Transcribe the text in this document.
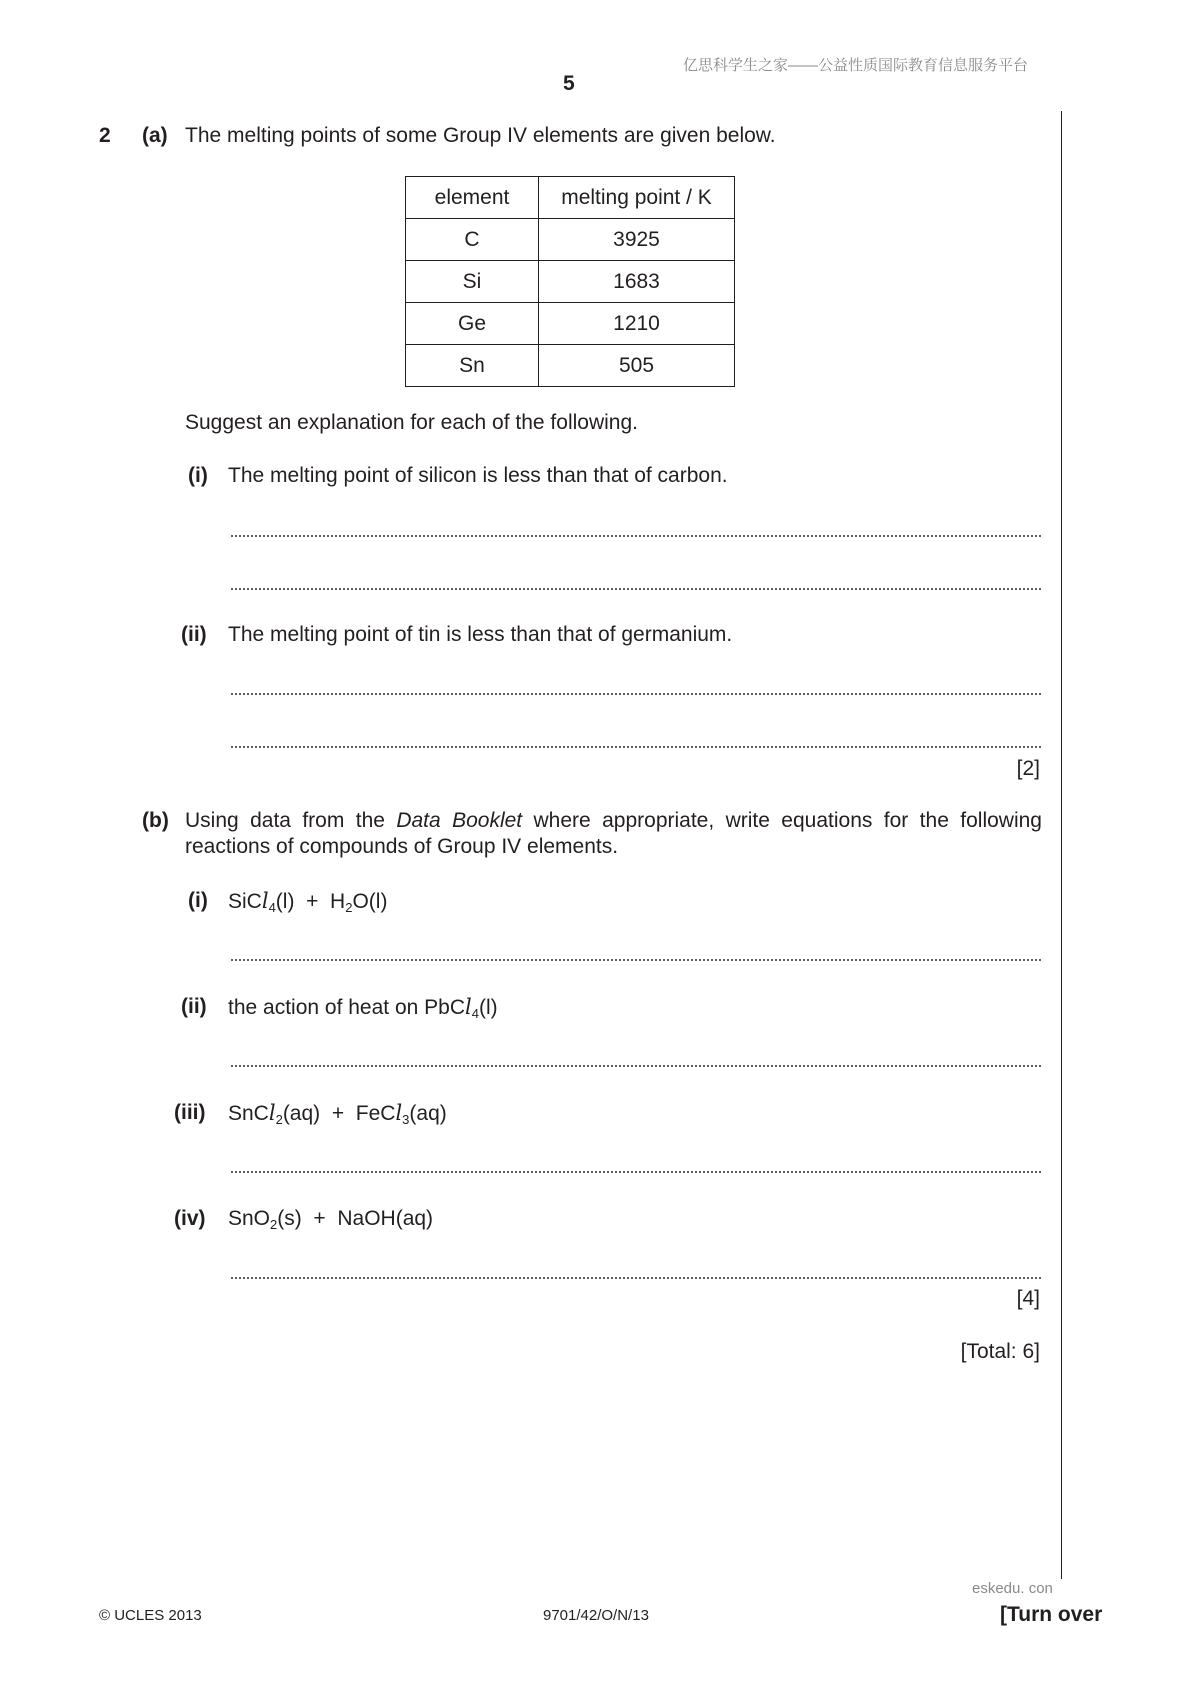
亿思科学生之家——公益性质国际教育信息服务平台
5
2 (a) The melting points of some Group IV elements are given below.
element	melting point / K
C	3925
Si	1683
Ge	1210
Sn	505
Suggest an explanation for each of the following.
(i) The melting point of silicon is less than that of carbon.
(ii) The melting point of tin is less than that of germanium.
[2]
(b) Using data from the Data Booklet where appropriate, write equations for the following
reactions of compounds of Group IV elements.
(i) SiCl$_4$(l)  +  $H_2O(l)$
(ii) the action of heat on PbCl$_4$(l)
(iii) SnCl$_2$(aq)  +  FeCl$_3$(aq)
(iv) SnO$_2$(s)  +  NaOH(aq)
[4]
[Total: 6]
eskedu. con
© UCLES 2013	9701/42/O/N/13	[Turn over
